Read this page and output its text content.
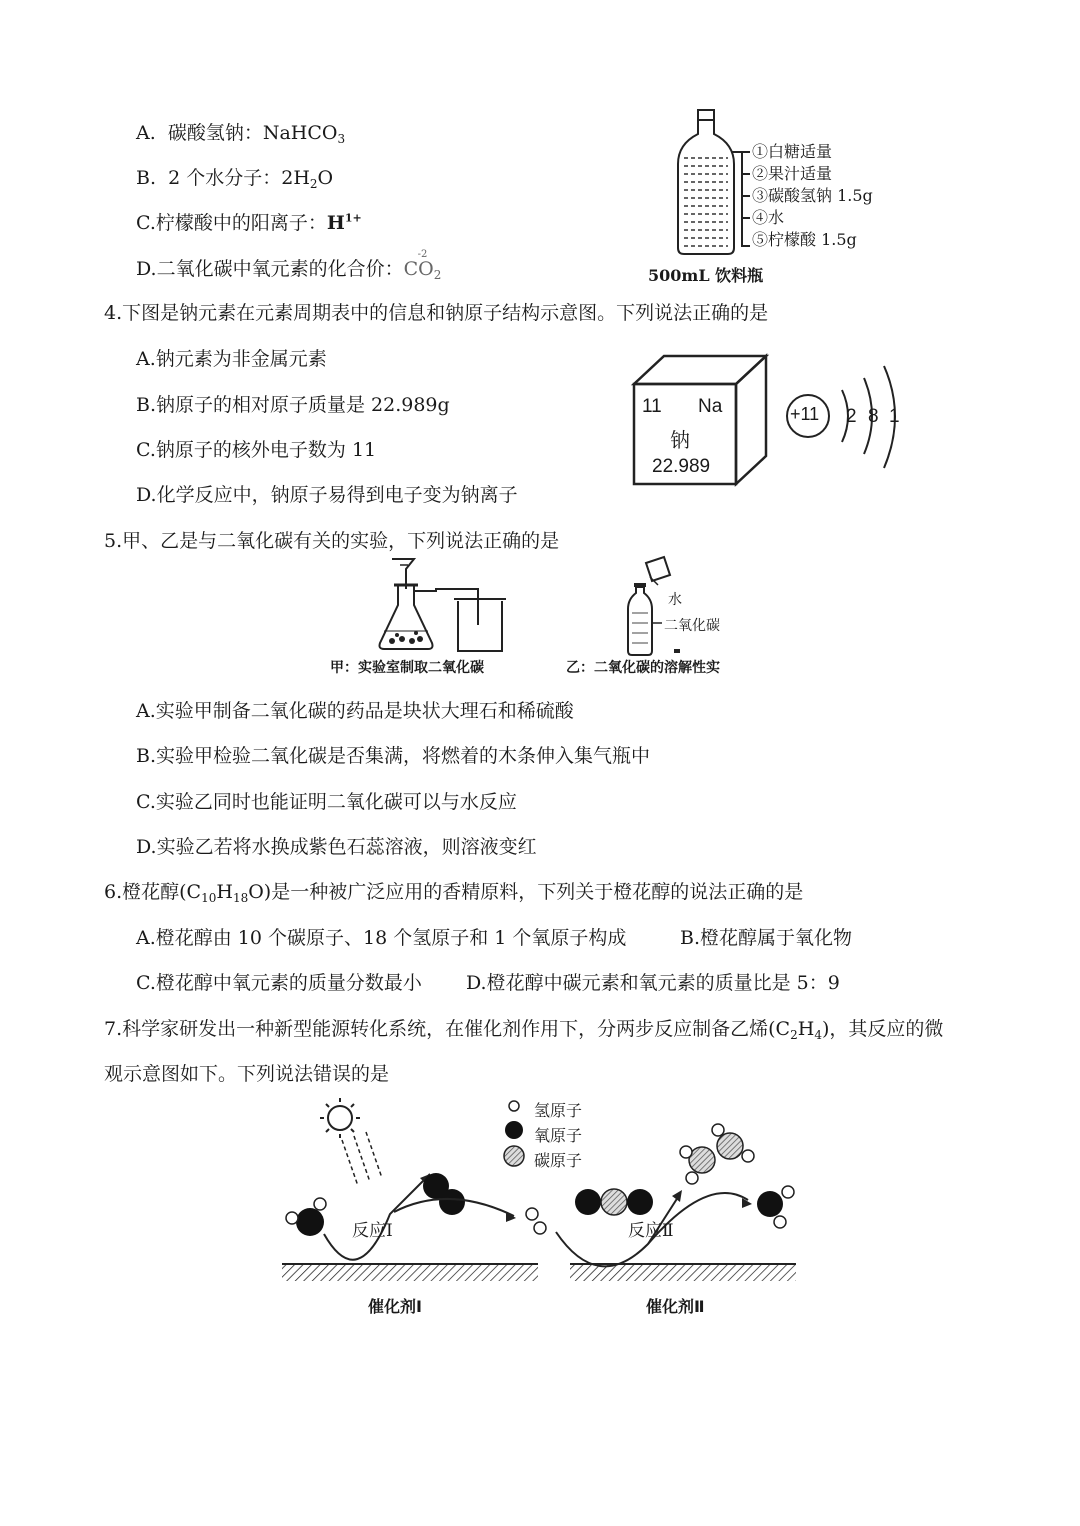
A. 碳酸氢钠：NaHCO$_3$
B. 2 个水分子：$2H_2O$
C.柠檬酸中的阳离子：$H^{1+}$
D.二氧化碳中氧元素的化合价：
-2
$CO_2$
①白糖适量
②果汁适量
③碳酸氢钠 1.5g
④水
⑤柠檬酸 1.5g
500mL 饮料瓶
4.下图是钠元素在元素周期表中的信息和钠原子结构示意图。下列说法正确的是
A.钠元素为非金属元素
B.钠原子的相对原子质量是 22.989g
C.钠原子的核外电子数为 11
D.化学反应中，钠原子易得到电子变为钠离子
11 Na
钠
22.989
+11 2 8 1
5.甲、乙是与二氧化碳有关的实验，下列说法正确的是
水
二氧化碳
甲：实验室制取二氧化碳	乙：二氧化碳的溶解性实
A.实验甲制备二氧化碳的药品是块状大理石和稀硫酸
B.实验甲检验二氧化碳是否集满，将燃着的木条伸入集气瓶中
C.实验乙同时也能证明二氧化碳可以与水反应
D.实验乙若将水换成紫色石蕊溶液，则溶液变红
6.橙花醇$(C_{10}H_{18}O)$是一种被广泛应用的香精原料，下列关于橙花醇的说法正确的是
A.橙花醇由 10 个碳原子、18 个氢原子和 1 个氧原子构成	B.橙花醇属于氧化物
C.橙花醇中氧元素的质量分数最小 D.橙花醇中碳元素和氧元素的质量比是 5：9
7.科学家研发出一种新型能源转化系统，在催化剂作用下，分两步反应制备乙烯$(C_2H_4)$，其反应的微
观示意图如下。下列说法错误的是
氢原子
氧原子
碳原子
反应Ⅰ	反应Ⅱ
催化剂Ⅰ	催化剂Ⅱ
